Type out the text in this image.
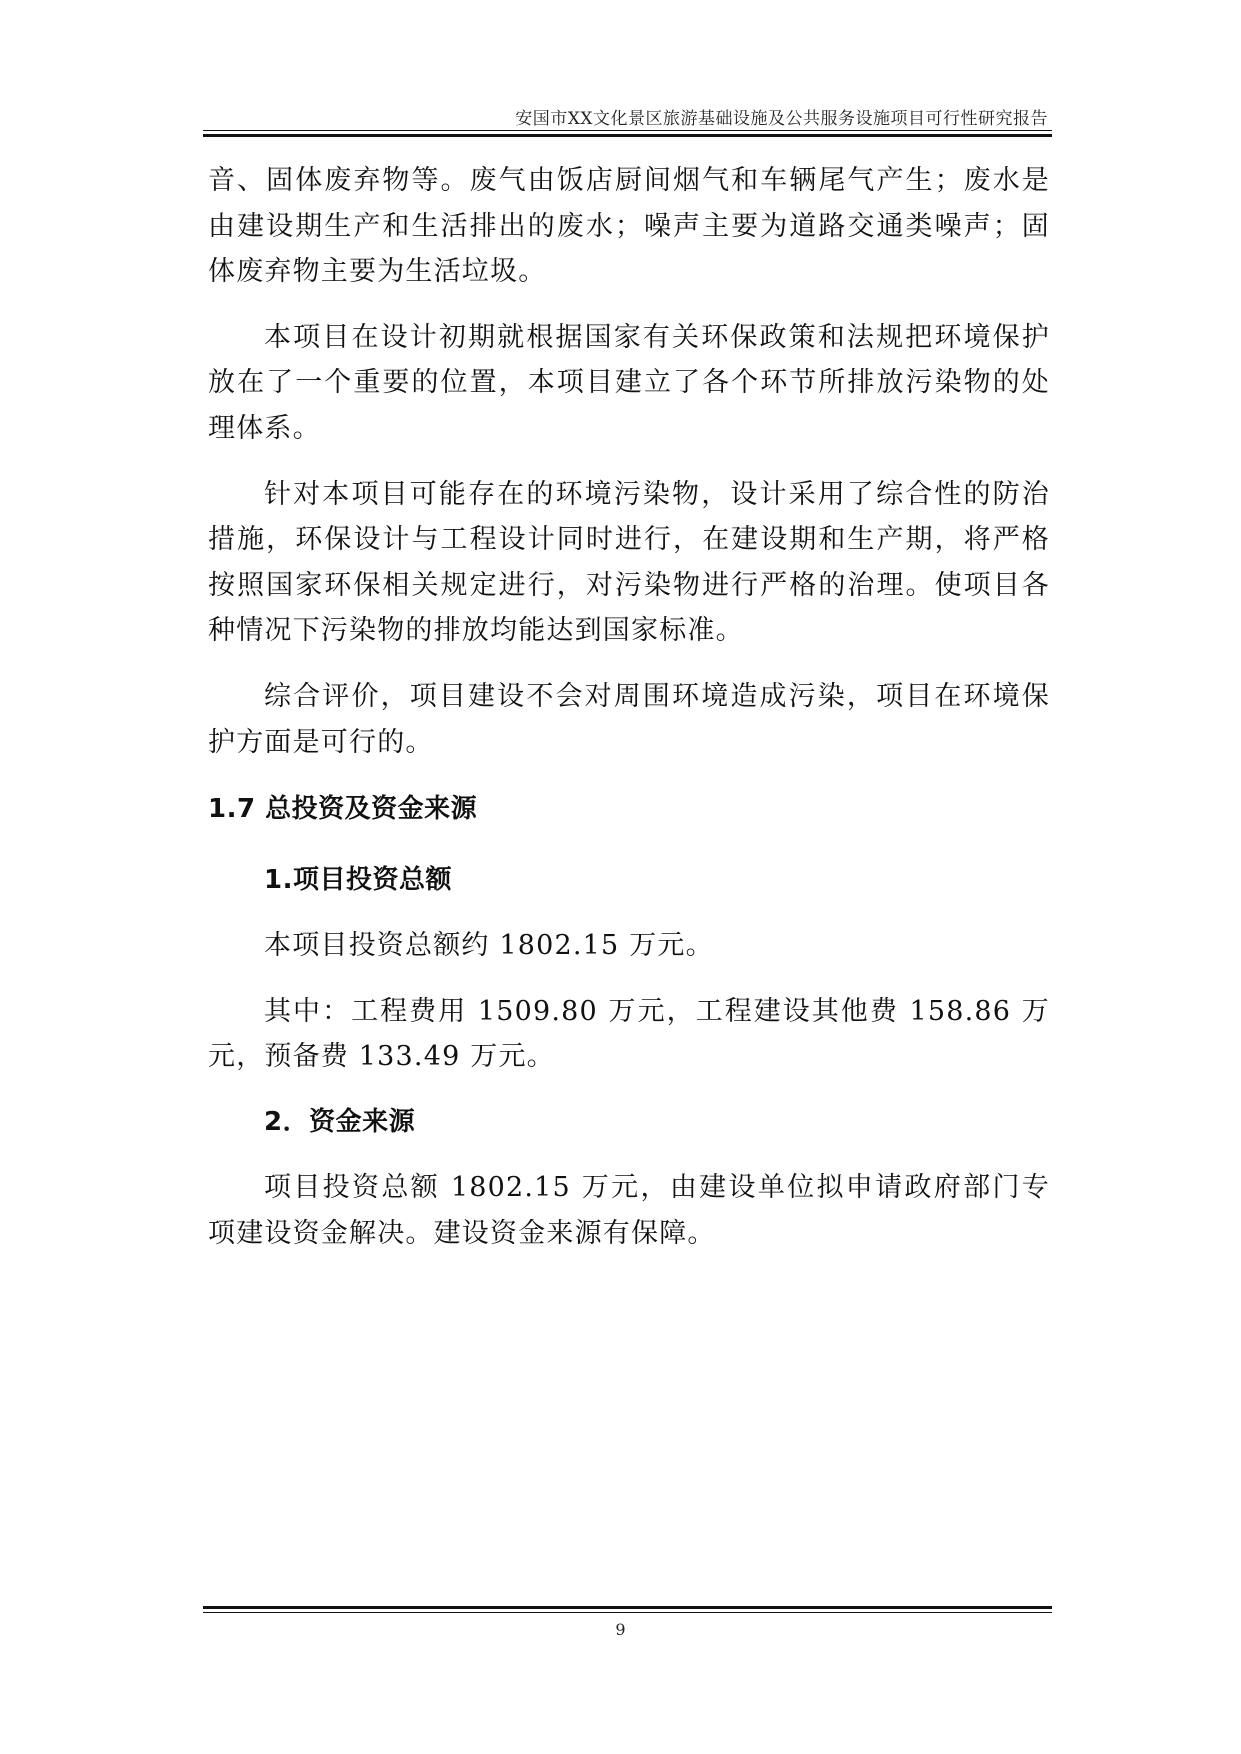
安国市XX文化景区旅游基础设施及公共服务设施项目可行性研究报告

音、固体废弃物等。废气由饭店厨间烟气和车辆尾气产生；废水是由建设期生产和生活排出的废水；噪声主要为道路交通类噪声；固体废弃物主要为生活垃圾。

本项目在设计初期就根据国家有关环保政策和法规把环境保护放在了一个重要的位置，本项目建立了各个环节所排放污染物的处理体系。

针对本项目可能存在的环境污染物，设计采用了综合性的防治措施，环保设计与工程设计同时进行，在建设期和生产期，将严格按照国家环保相关规定进行，对污染物进行严格的治理。使项目各种情况下污染物的排放均能达到国家标准。

综合评价，项目建设不会对周围环境造成污染，项目在环境保护方面是可行的。

1.7 总投资及资金来源
1.项目投资总额

本项目投资总额约 1802.15 万元。

其中：工程费用 1509.80 万元，工程建设其他费 158.86 万元，预备费 133.49 万元。

2．资金来源

项目投资总额 1802.15 万元，由建设单位拟申请政府部门专项建设资金解决。建设资金来源有保障。

9
